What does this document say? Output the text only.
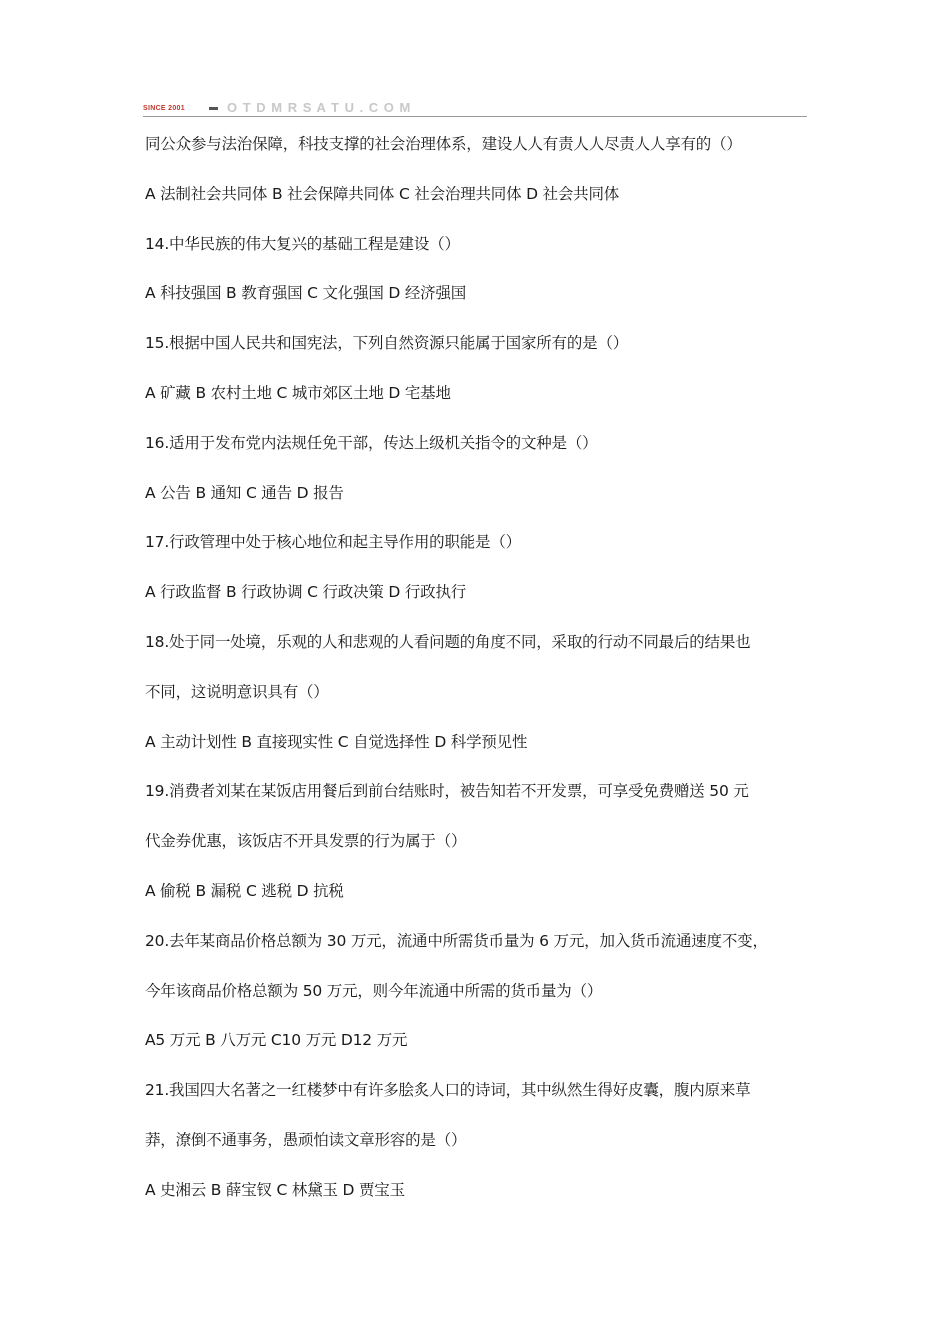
SINCE 2001	O T D M R S A T U . C O M
同公众参与法治保障，科技支撑的社会治理体系，建设人人有责人人尽责人人享有的（）
A 法制社会共同体 B 社会保障共同体 C 社会治理共同体 D 社会共同体
14.中华民族的伟大复兴的基础工程是建设（）
A 科技强国 B 教育强国 C 文化强国 D 经济强国
15.根据中国人民共和国宪法，下列自然资源只能属于国家所有的是（）
A 矿藏 B 农村土地 C 城市郊区土地 D 宅基地
16.适用于发布党内法规任免干部，传达上级机关指令的文种是（）
A 公告 B 通知 C 通告 D 报告
17.行政管理中处于核心地位和起主导作用的职能是（）
A 行政监督 B 行政协调 C 行政决策 D 行政执行
18.处于同一处境，乐观的人和悲观的人看问题的角度不同，采取的行动不同最后的结果也
不同，这说明意识具有（）
A 主动计划性 B 直接现实性 C 自觉选择性 D 科学预见性
19.消费者刘某在某饭店用餐后到前台结账时，被告知若不开发票，可享受免费赠送 50 元
代金券优惠，该饭店不开具发票的行为属于（）
A 偷税 B 漏税 C 逃税 D 抗税
20.去年某商品价格总额为 30 万元，流通中所需货币量为 6 万元，加入货币流通速度不变，
今年该商品价格总额为 50 万元，则今年流通中所需的货币量为（）
A5 万元 B 八万元 C10 万元 D12 万元
21.我国四大名著之一红楼梦中有许多脍炙人口的诗词，其中纵然生得好皮囊，腹内原来草
莽，潦倒不通事务，愚顽怕读文章形容的是（）
A 史湘云 B 薛宝钗 C 林黛玉 D 贾宝玉
